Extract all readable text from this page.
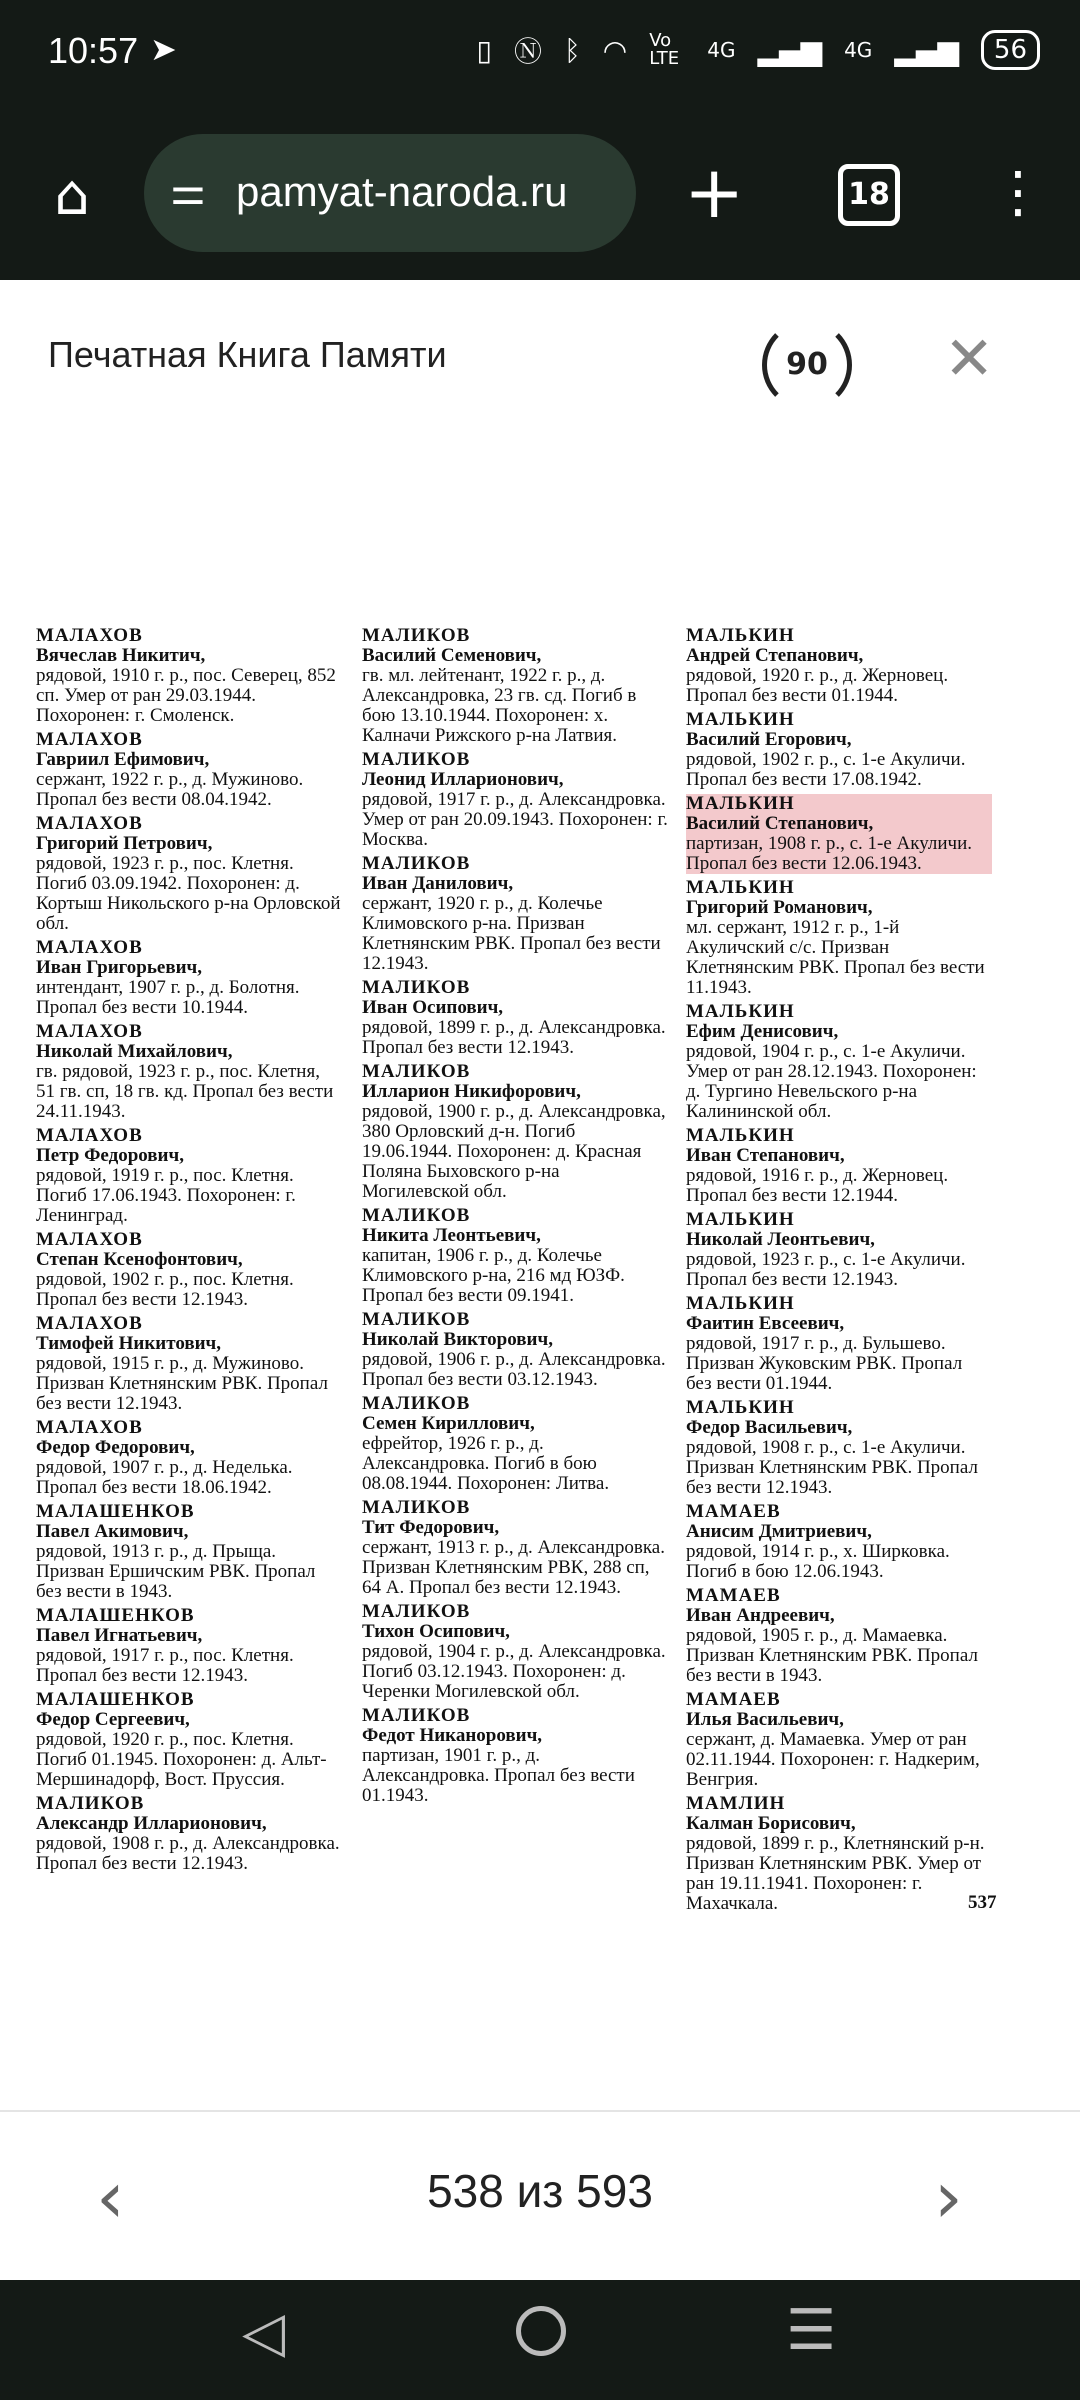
10:57 ➤	▯ Ⓝ ᛒ ◠ Vo LTE	4G ▂▄▆ 4G ▂▄▆	56
⌂	⚌ pamyat-naroda.ru +	18 ⋮
Печатная Книга Памяти	90	✕
МАЛАХОВ
Вячеслав Никитич,
рядовой, 1910 г. р., пос. Северец, 852 сп. Умер от ран 29.03.1944. Похоронен: г. Смоленск.
МАЛАХОВ
Гавриил Ефимович,
сержант, 1922 г. р., д. Мужиново. Пропал без вести 08.04.1942.
МАЛАХОВ
Григорий Петрович,
рядовой, 1923 г. р., пос. Клетня. Погиб 03.09.1942. Похоронен: д. Кортыш Никольского р-на Орловской обл.
МАЛАХОВ
Иван Григорьевич,
интендант, 1907 г. р., д. Болотня. Пропал без вести 10.1944.
МАЛАХОВ
Николай Михайлович,
гв. рядовой, 1923 г. р., пос. Клетня, 51 гв. сп, 18 гв. кд. Пропал без вести 24.11.1943.
МАЛАХОВ
Петр Федорович,
рядовой, 1919 г. р., пос. Клетня. Погиб 17.06.1943. Похоронен: г. Ленинград.
МАЛАХОВ
Степан Ксенофонтович,
рядовой, 1902 г. р., пос. Клетня. Пропал без вести 12.1943.
МАЛАХОВ
Тимофей Никитович,
рядовой, 1915 г. р., д. Мужиново. Призван Клетнянским РВК. Пропал без вести 12.1943.
МАЛАХОВ
Федор Федорович,
рядовой, 1907 г. р., д. Неделька. Пропал без вести 18.06.1942.
МАЛАШЕНКОВ
Павел Акимович,
рядовой, 1913 г. р., д. Прыща. Призван Ершичским РВК. Пропал без вести в 1943.
МАЛАШЕНКОВ
Павел Игнатьевич,
рядовой, 1917 г. р., пос. Клетня. Пропал без вести 12.1943.
МАЛАШЕНКОВ
Федор Сергеевич,
рядовой, 1920 г. р., пос. Клетня. Погиб 01.1945. Похоронен: д. Альт-Мершинадорф, Вост. Пруссия.
МАЛИКОВ
Александр Илларионович,
рядовой, 1908 г. р., д. Александровка. Пропал без вести 12.1943.
МАЛИКОВ
Василий Семенович,
гв. мл. лейтенант, 1922 г. р., д. Александровка, 23 гв. сд. Погиб в бою 13.10.1944. Похоронен: х. Калначи Рижского р-на Латвия.
МАЛИКОВ
Леонид Илларионович,
рядовой, 1917 г. р., д. Александровка. Умер от ран 20.09.1943. Похоронен: г. Москва.
МАЛИКОВ
Иван Данилович,
сержант, 1920 г. р., д. Колечье Климовского р-на. Призван Клетнянским РВК. Пропал без вести 12.1943.
МАЛИКОВ
Иван Осипович,
рядовой, 1899 г. р., д. Александровка. Пропал без вести 12.1943.
МАЛИКОВ
Илларион Никифорович,
рядовой, 1900 г. р., д. Александровка, 380 Орловский д-н. Погиб 19.06.1944. Похоронен: д. Красная Поляна Быховского р-на Могилевской обл.
МАЛИКОВ
Никита Леонтьевич,
капитан, 1906 г. р., д. Колечье Климовского р-на, 216 мд ЮЗФ. Пропал без вести 09.1941.
МАЛИКОВ
Николай Викторович,
рядовой, 1906 г. р., д. Александровка. Пропал без вести 03.12.1943.
МАЛИКОВ
Семен Кириллович,
ефрейтор, 1926 г. р., д. Александровка. Погиб в бою 08.08.1944. Похоронен: Литва.
МАЛИКОВ
Тит Федорович,
сержант, 1913 г. р., д. Александровка. Призван Клетнянским РВК, 288 сп, 64 А. Пропал без вести 12.1943.
МАЛИКОВ
Тихон Осипович,
рядовой, 1904 г. р., д. Александровка. Погиб 03.12.1943. Похоронен: д. Черенки Могилевской обл.
МАЛИКОВ
Федот Никанорович,
партизан, 1901 г. р., д. Александровка. Пропал без вести 01.1943.
МАЛЬКИН
Андрей Степанович,
рядовой, 1920 г. р., д. Жерновец. Пропал без вести 01.1944.
МАЛЬКИН
Василий Егорович,
рядовой, 1902 г. р., с. 1-е Акуличи. Пропал без вести 17.08.1942.
МАЛЬКИН
Василий Степанович,
партизан, 1908 г. р., с. 1-е Акуличи. Пропал без вести 12.06.1943.
МАЛЬКИН
Григорий Романович,
мл. сержант, 1912 г. р., 1-й Акуличский с/с. Призван Клетнянским РВК. Пропал без вести 11.1943.
МАЛЬКИН
Ефим Денисович,
рядовой, 1904 г. р., с. 1-е Акуличи. Умер от ран 28.12.1943. Похоронен: д. Тургино Невельского р-на Калининской обл.
МАЛЬКИН
Иван Степанович,
рядовой, 1916 г. р., д. Жерновец. Пропал без вести 12.1944.
МАЛЬКИН
Николай Леонтьевич,
рядовой, 1923 г. р., с. 1-е Акуличи. Пропал без вести 12.1943.
МАЛЬКИН
Фаитин Евсеевич,
рядовой, 1917 г. р., д. Бульшево. Призван Жуковским РВК. Пропал без вести 01.1944.
МАЛЬКИН
Федор Васильевич,
рядовой, 1908 г. р., с. 1-е Акуличи. Призван Клетнянским РВК. Пропал без вести 12.1943.
МАМАЕВ
Анисим Дмитриевич,
рядовой, 1914 г. р., х. Ширковка. Погиб в бою 12.06.1943.
МАМАЕВ
Иван Андреевич,
рядовой, 1905 г. р., д. Мамаевка. Призван Клетнянским РВК. Пропал без вести в 1943.
МАМАЕВ
Илья Васильевич,
сержант, д. Мамаевка. Умер от ран 02.11.1944. Похоронен: г. Надкерим, Венгрия.
МАМЛИН
Калман Борисович,
рядовой, 1899 г. р., Клетнянский р-н. Призван Клетнянским РВК. Умер от ран 19.11.1941. Похоронен: г. Махачкала.	537
‹	538 из 593	›
◁	☰
